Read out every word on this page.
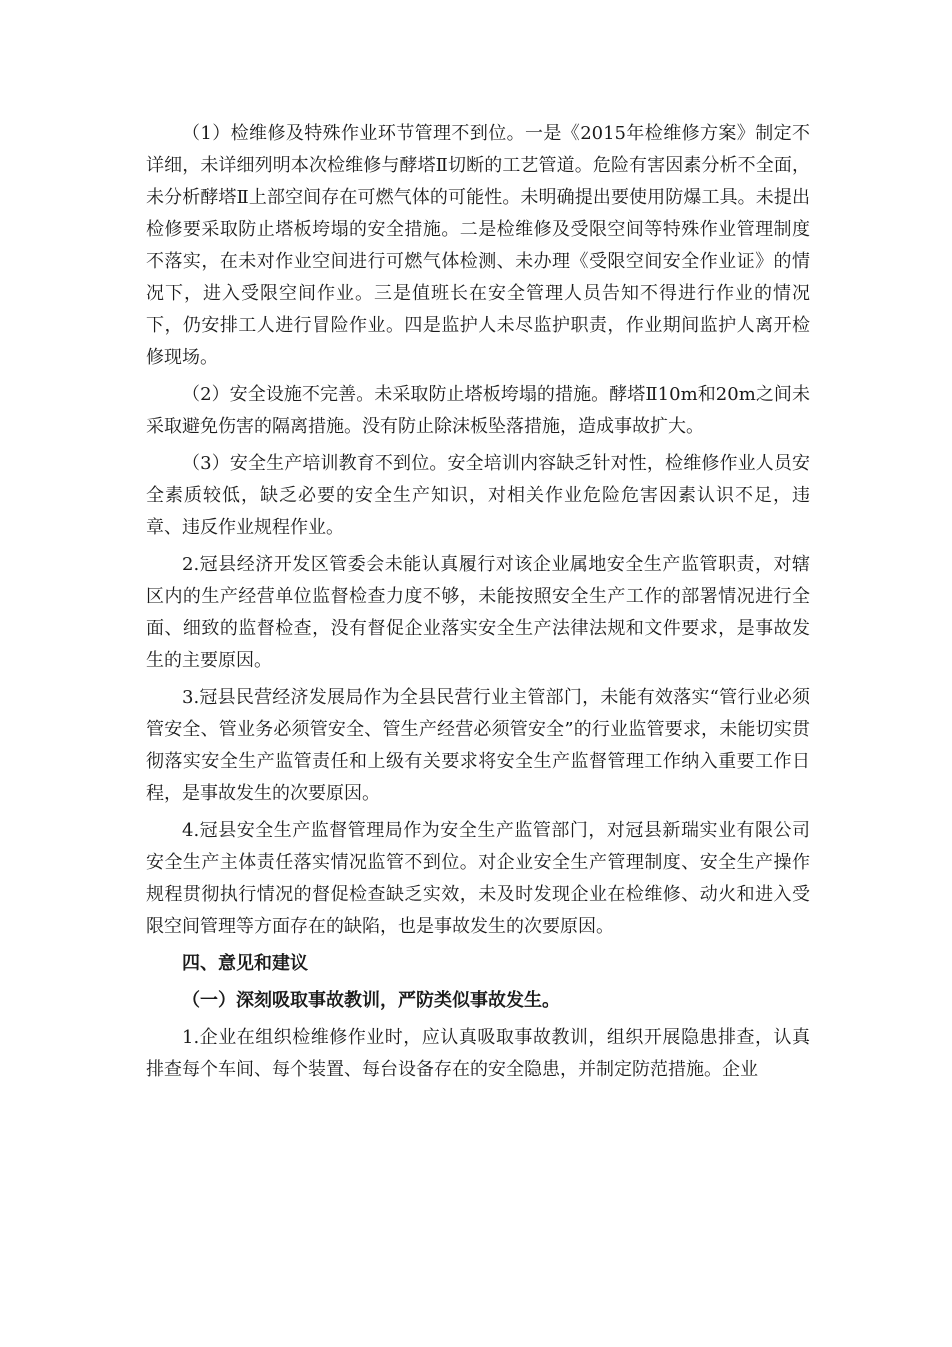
（1）检维修及特殊作业环节管理不到位。一是《2015年检维修方案》制定不详细，未详细列明本次检维修与酵塔Ⅱ切断的工艺管道。危险有害因素分析不全面，未分析酵塔Ⅱ上部空间存在可燃气体的可能性。未明确提出要使用防爆工具。未提出检修要采取防止塔板垮塌的安全措施。二是检维修及受限空间等特殊作业管理制度不落实，在未对作业空间进行可燃气体检测、未办理《受限空间安全作业证》的情况下，进入受限空间作业。三是值班长在安全管理人员告知不得进行作业的情况下，仍安排工人进行冒险作业。四是监护人未尽监护职责，作业期间监护人离开检修现场。

（2）安全设施不完善。未采取防止塔板垮塌的措施。酵塔Ⅱ10m和20m之间未采取避免伤害的隔离措施。没有防止除沫板坠落措施，造成事故扩大。

（3）安全生产培训教育不到位。安全培训内容缺乏针对性，检维修作业人员安全素质较低，缺乏必要的安全生产知识，对相关作业危险危害因素认识不足，违章、违反作业规程作业。

2.冠县经济开发区管委会未能认真履行对该企业属地安全生产监管职责，对辖区内的生产经营单位监督检查力度不够，未能按照安全生产工作的部署情况进行全面、细致的监督检查，没有督促企业落实安全生产法律法规和文件要求，是事故发生的主要原因。

3.冠县民营经济发展局作为全县民营行业主管部门，未能有效落实“管行业必须管安全、管业务必须管安全、管生产经营必须管安全”的行业监管要求，未能切实贯彻落实安全生产监管责任和上级有关要求将安全生产监督管理工作纳入重要工作日程，是事故发生的次要原因。

4.冠县安全生产监督管理局作为安全生产监管部门，对冠县新瑞实业有限公司安全生产主体责任落实情况监管不到位。对企业安全生产管理制度、安全生产操作规程贯彻执行情况的督促检查缺乏实效，未及时发现企业在检维修、动火和进入受限空间管理等方面存在的缺陷，也是事故发生的次要原因。

四、意见和建议

（一）深刻吸取事故教训，严防类似事故发生。

1.企业在组织检维修作业时，应认真吸取事故教训，组织开展隐患排查，认真排查每个车间、每个装置、每台设备存在的安全隐患，并制定防范措施。企业
